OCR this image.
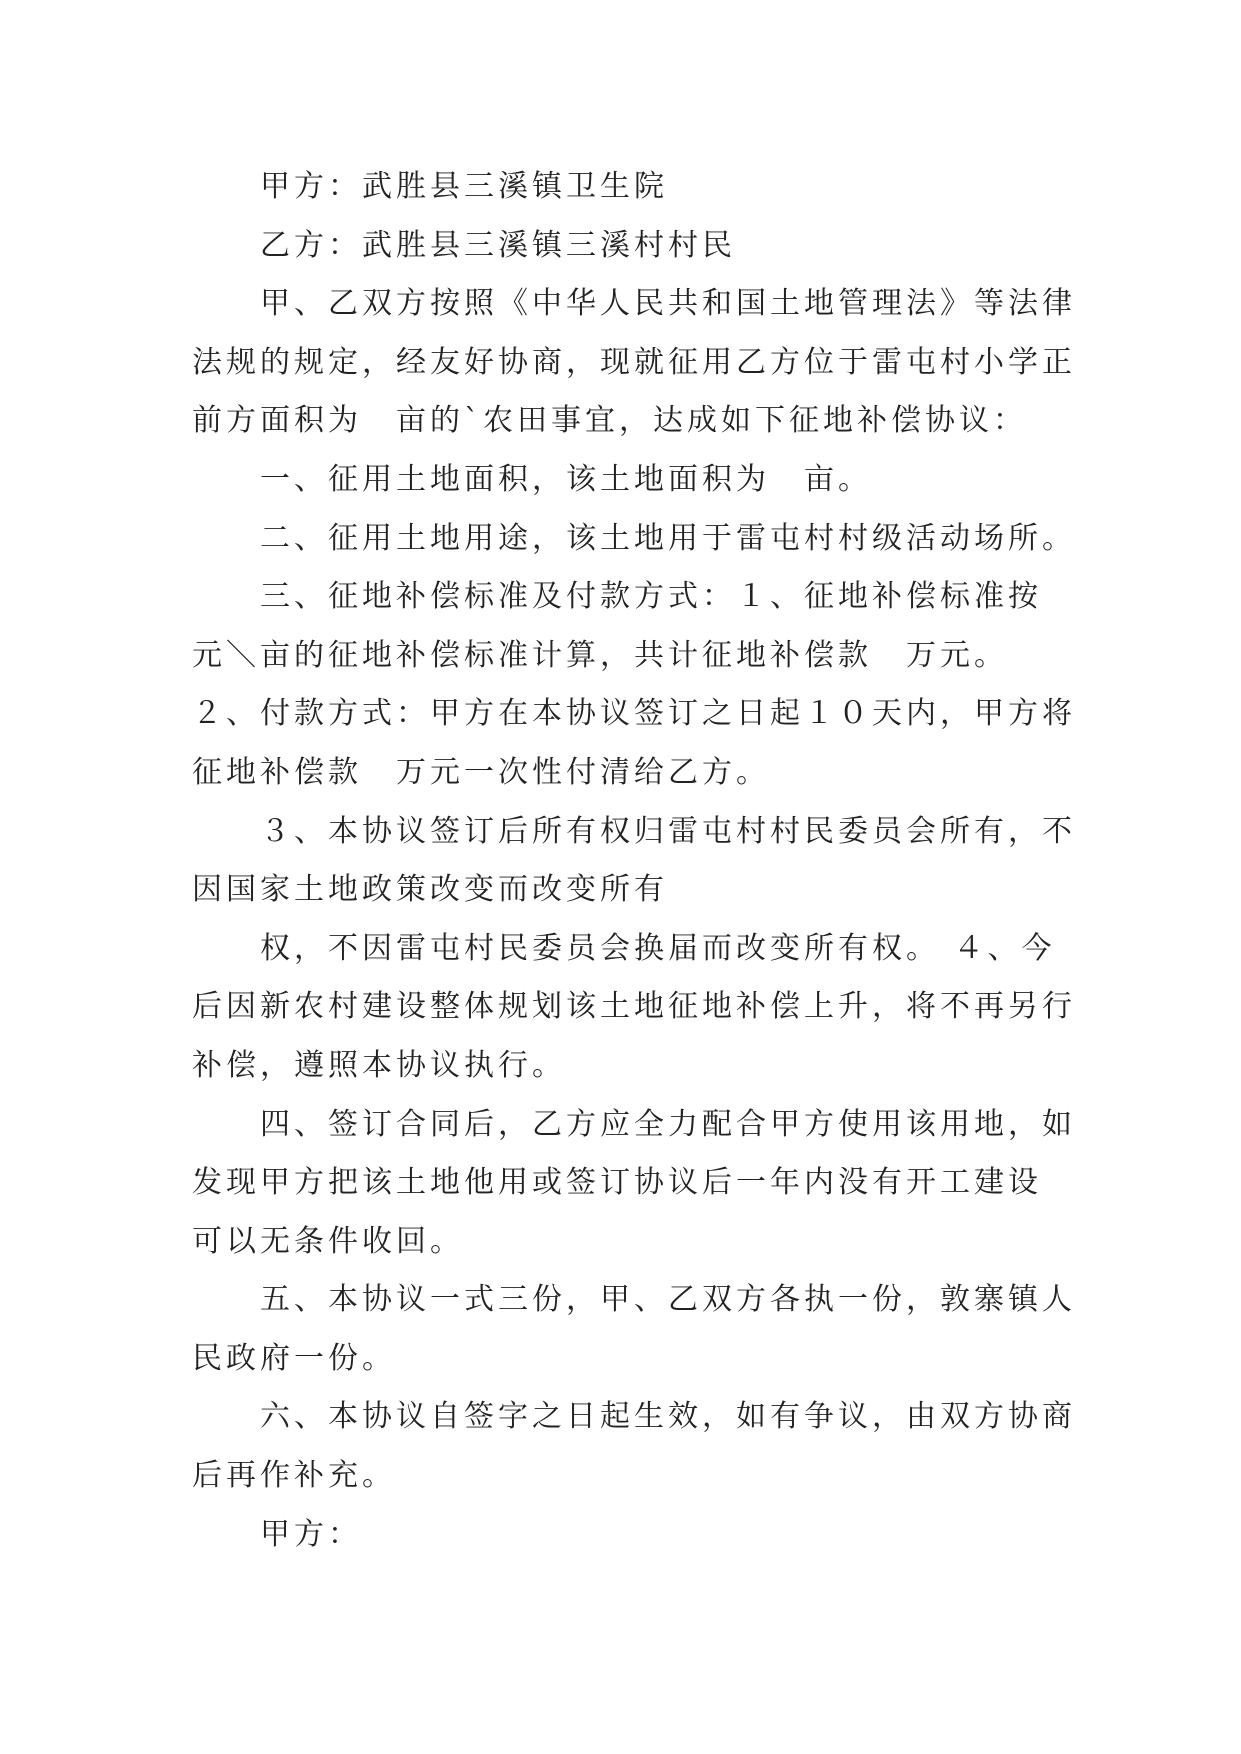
　　甲方：武胜县三溪镇卫生院
　　乙方：武胜县三溪镇三溪村村民
　　甲、乙双方按照《中华人民共和国土地管理法》等法律
法规的规定，经友好协商，现就征用乙方位于雷屯村小学正
前方面积为　亩的`农田事宜，达成如下征地补偿协议：
　　一、征用土地面积，该土地面积为　亩。
　　二、征用土地用途，该土地用于雷屯村村级活动场所。
　　三、征地补偿标准及付款方式：１、征地补偿标准按
元＼亩的征地补偿标准计算，共计征地补偿款　万元。
２、付款方式：甲方在本协议签订之日起１０天内，甲方将
征地补偿款　万元一次性付清给乙方。
　　３、本协议签订后所有权归雷屯村村民委员会所有，不
因国家土地政策改变而改变所有
　　权，不因雷屯村民委员会换届而改变所有权。 ４、今
后因新农村建设整体规划该土地征地补偿上升，将不再另行
补偿，遵照本协议执行。
　　四、签订合同后，乙方应全力配合甲方使用该用地，如
发现甲方把该土地他用或签订协议后一年内没有开工建设
可以无条件收回。
　　五、本协议一式三份，甲、乙双方各执一份，敦寨镇人
民政府一份。
　　六、本协议自签字之日起生效，如有争议，由双方协商
后再作补充。
　　甲方：
